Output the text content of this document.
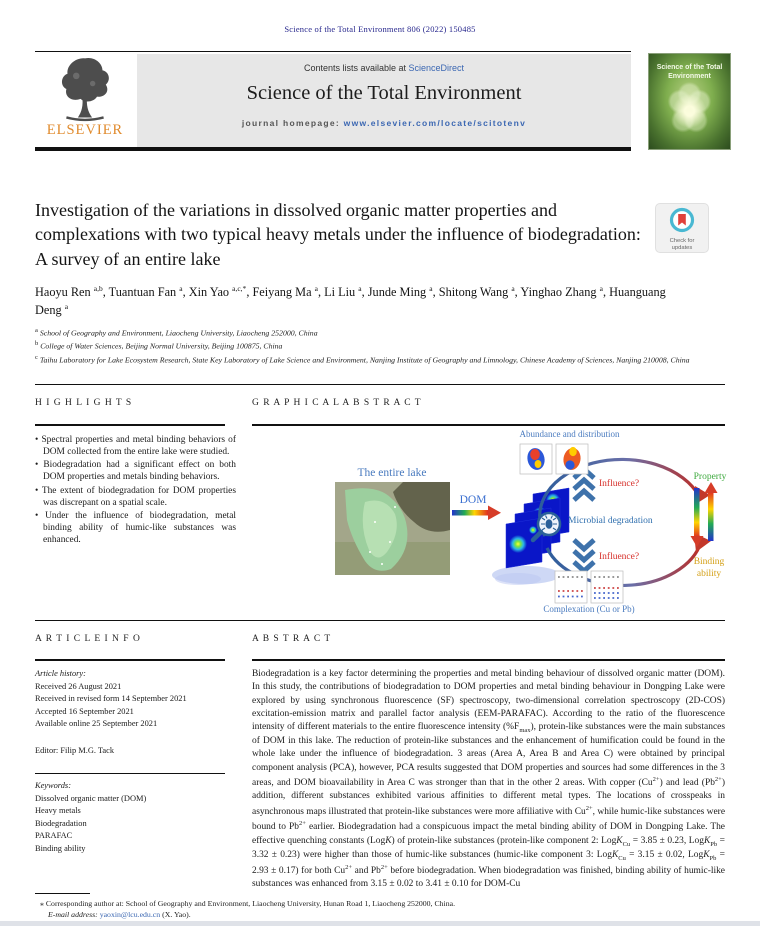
Science of the Total Environment 806 (2022) 150485
ELSEVIER
Contents lists available at ScienceDirect
Science of the Total Environment
journal homepage: www.elsevier.com/locate/scitotenv
Science of the Total Environment
Investigation of the variations in dissolved organic matter properties and complexations with two typical heavy metals under the influence of biodegradation: A survey of an entire lake
Check for
updates
Haoyu Ren $^{a,b}$, Tuantuan Fan $^a$, Xin Yao $^{a,c,*}$, Feiyang Ma $^a$, Li Liu $^a$, Junde Ming $^a$, Shitong Wang $^a$, Yinghao Zhang $^a$, Huanguang Deng $^a$
$^a$ School of Geography and Environment, Liaocheng University, Liaocheng 252000, China
$^b$ College of Water Sciences, Beijing Normal University, Beijing 100875, China
$^c$ Taihu Laboratory for Lake Ecosystem Research, State Key Laboratory of Lake Science and Environment, Nanjing Institute of Geography and Limnology, Chinese Academy of Sciences, Nanjing 210008, China
H I G H L I G H T S	G R A P H I C A L A B S T R A C T
• Spectral properties and metal binding behaviors of DOM collected from the entire lake were studied.
• Biodegradation had a significant effect on both DOM properties and metals binding behaviors.
• The extent of biodegradation for DOM properties was discrepant on a spatial scale.
• Under the influence of biodegradation, metal binding ability of humic-like substances was enhanced.
Abundance and distribution
The entire lake
DOM
Influence?
Microbial degradation
Influence?
Property
Binding
ability
Complexation (Cu or Pb)
A R T I C L E I N F O	A B S T R A C T
Article history:
Received 26 August 2021
Received in revised form 14 September 2021
Accepted 16 September 2021
Available online 25 September 2021
Editor: Filip M.G. Tack
Keywords:
Dissolved organic matter (DOM)
Heavy metals
Biodegradation
PARAFAC
Binding ability
Biodegradation is a key factor determining the properties and metal binding behaviour of dissolved organic matter (DOM). In this study, the contributions of biodegradation to DOM properties and metal binding behaviour in Dongping Lake were explored by using synchronous fluorescence (SF) spectroscopy, two-dimensional correlation spectroscopy (2D-COS) excitation-emission matrix and parallel factor analysis (EEM-PARAFAC). According to the ratio of the fluorescence intensity of different materials to the entire fluorescence intensity $(\%F_{max})$, protein-like substances were the main substances of DOM in this lake. The reduction of protein-like substances and the enhancement of humification could be found in the whole lake under the influence of biodegradation. 3 areas (Area A, Area B and Area C) were obtained by principal component analysis (PCA), however, PCA results suggested that DOM properties and sources had some differences in the 3 areas, and DOM bioavailability in Area C was stronger than that in the other 2 areas. With copper $(Cu^{2+})$ and lead $(Pb^{2+})$ addition, different substances exhibited various affinities to different metal types. The locations of crosspeaks in asynchronous maps illustrated that protein-like substances were more affiliative with $Cu^{2+}$, while humic-like substances were bound to $Pb^{2+}$ earlier. Biodegradation had a conspicuous impact the metal binding ability of DOM in Dongping Lake. The effective quenching constants (LogK) of protein-like substances (protein-like component 2: LogK$_{Cu}$ = 3.85 ± 0.23, LogK$_{Pb}$ = 3.32 ± 0.23) were higher than those of humic-like substances (humic-like component 3: LogK$_{Cu}$ = 3.15 ± 0.02, LogK$_{Pb}$ = 2.93 ± 0.17) for both $Cu^{2+}$ and $Pb^{2+}$ before biodegradation. When biodegradation was finished, binding ability of humic-like substances was enhanced from 3.15 ± 0.02 to 3.41 ± 0.10 for DOM-Cu
⁎ Corresponding author at: School of Geography and Environment, Liaocheng University, Hunan Road 1, Liaocheng 252000, China.
E-mail address: yaoxin@lcu.edu.cn (X. Yao).
